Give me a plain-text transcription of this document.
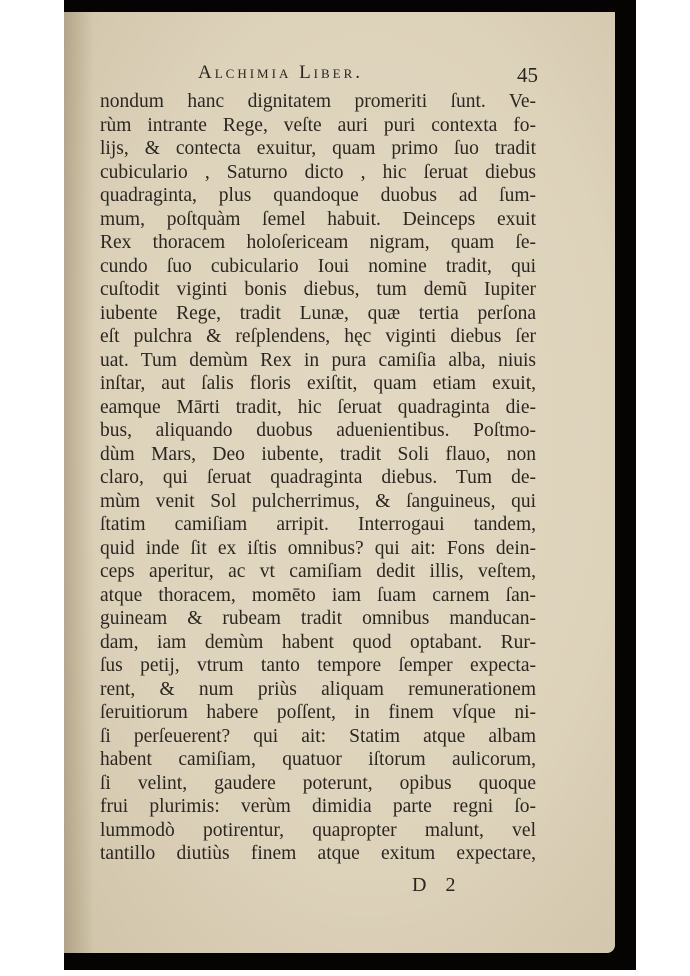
Alchimia Liber.	45
nondum hanc dignitatem promeriti ſunt. Ve-
rùm intrante Rege, veſte auri puri contexta fo-
lijs, & contecta exuitur, quam primo ſuo tradit
cubiculario , Saturno dicto , hic ſeruat diebus
quadraginta, plus quandoque duobus ad ſum-
mum, poſtquàm ſemel habuit. Deinceps exuit
Rex thoracem holoſericeam nigram, quam ſe-
cundo ſuo cubiculario Ioui nomine tradit, qui
cuſtodit viginti bonis diebus, tum demũ Iupiter
iubente Rege, tradit Lunæ, quæ tertia perſona
eſt pulchra & reſplendens, hęc viginti diebus ſer
uat. Tum demùm Rex in pura camiſia alba, niuis
inſtar, aut ſalis floris exiſtit, quam etiam exuit,
eamque Mārti tradit, hic ſeruat quadraginta die-
bus, aliquando duobus aduenientibus. Poſtmo-
dùm Mars, Deo iubente, tradit Soli flauo, non
claro, qui ſeruat quadraginta diebus. Tum de-
mùm venit Sol pulcherrimus, & ſanguineus, qui
ſtatim camiſiam arripit. Interrogaui tandem,
quid inde ſit ex iſtis omnibus? qui ait: Fons dein-
ceps aperitur, ac vt camiſiam dedit illis, veſtem,
atque thoracem, momēto iam ſuam carnem ſan-
guineam & rubeam tradit omnibus manducan-
dam, iam demùm habent quod optabant. Rur-
ſus petij, vtrum tanto tempore ſemper expecta-
rent, & num priùs aliquam remunerationem
ſeruitiorum habere poſſent, in finem vſque ni-
ſi perſeuerent? qui ait: Statim atque albam
habent camiſiam, quatuor iſtorum aulicorum,
ſi velint, gaudere poterunt, opibus quoque
frui plurimis: verùm dimidia parte regni ſo-
lummodò potirentur, quapropter malunt, vel
tantillo diutiùs finem atque exitum expectare,
D 2
